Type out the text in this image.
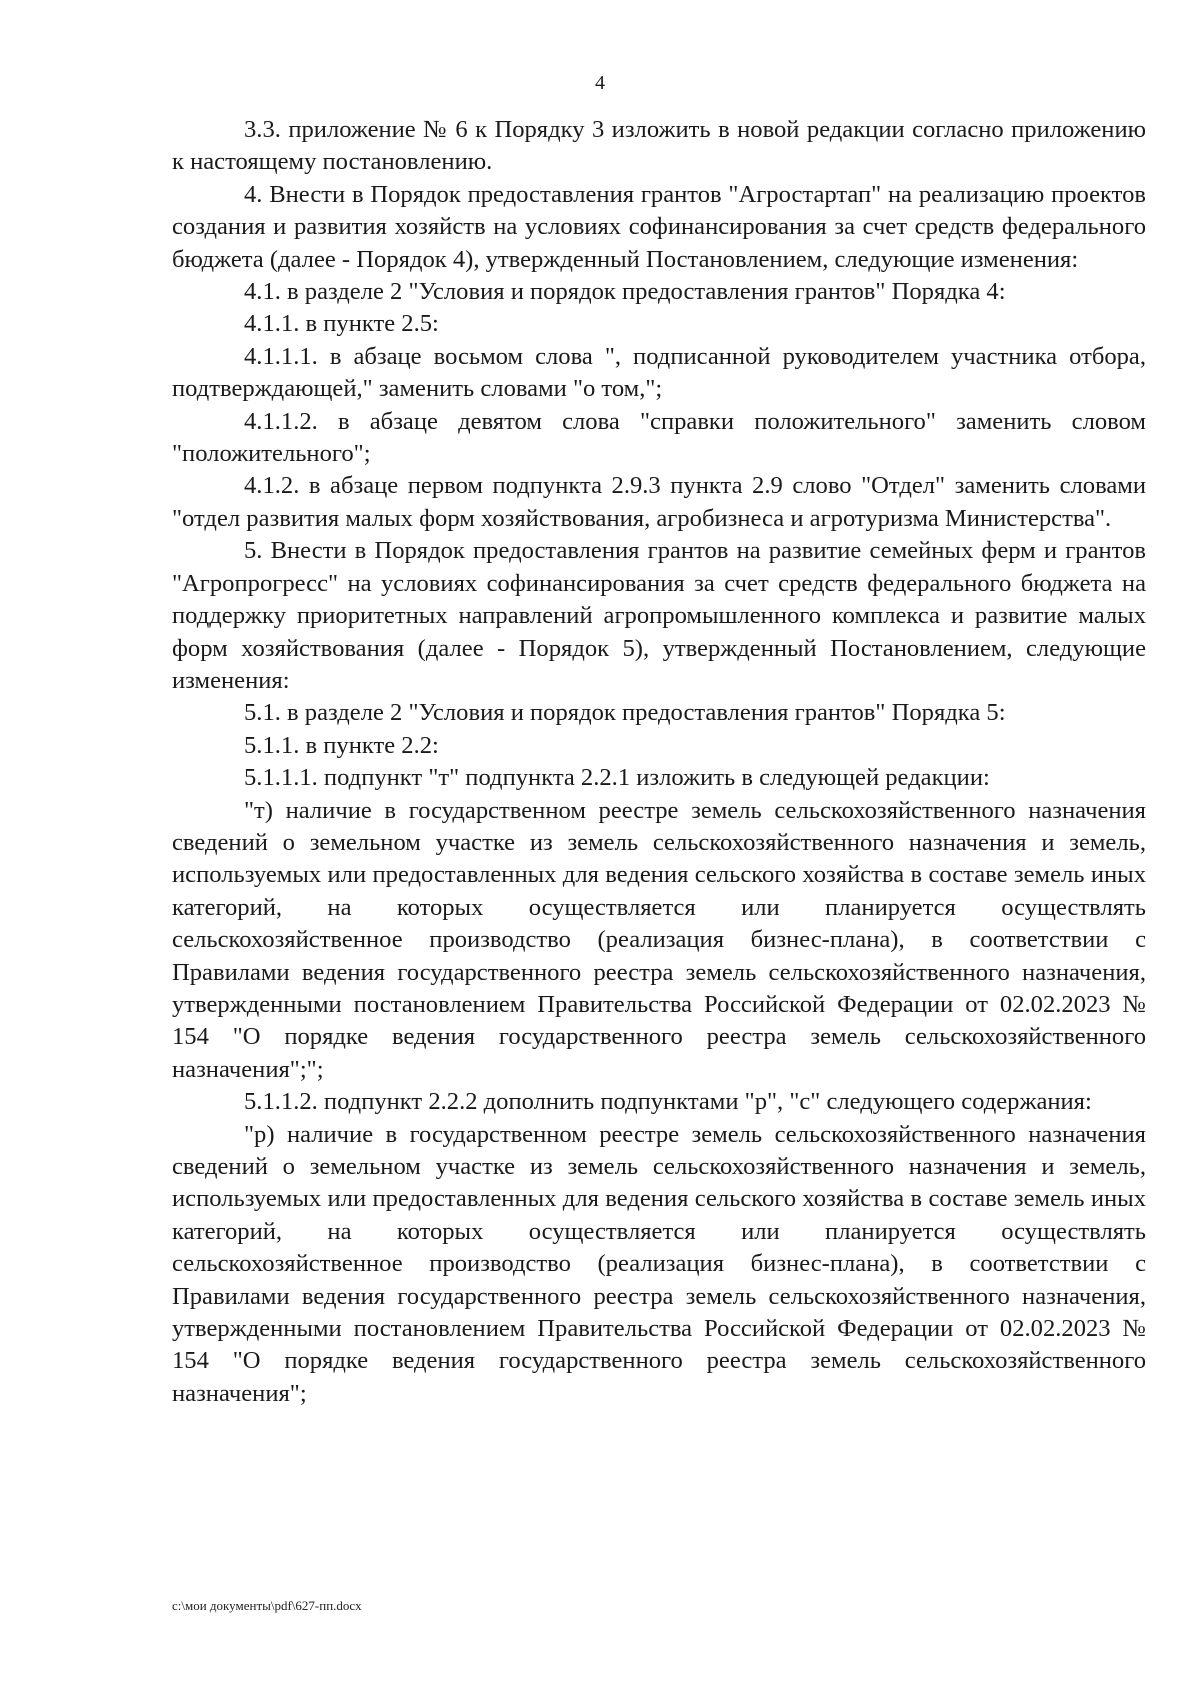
4

3.3. приложение № 6 к Порядку 3 изложить в новой редакции согласно приложению к настоящему постановлению.

4. Внести в Порядок предоставления грантов "Агростартап" на реализацию проектов создания и развития хозяйств на условиях софинансирования за счет средств федерального бюджета (далее - Порядок 4), утвержденный Постановлением, следующие изменения:

4.1. в разделе 2 "Условия и порядок предоставления грантов" Порядка 4:

4.1.1. в пункте 2.5:

4.1.1.1. в абзаце восьмом слова ", подписанной руководителем участника отбора, подтверждающей," заменить словами "о том,";

4.1.1.2. в абзаце девятом слова "справки положительного" заменить словом "положительного";

4.1.2. в абзаце первом подпункта 2.9.3 пункта 2.9 слово "Отдел" заменить словами "отдел развития малых форм хозяйствования, агробизнеса и агротуризма Министерства".

5. Внести в Порядок предоставления грантов на развитие семейных ферм и грантов "Агропрогресс" на условиях софинансирования за счет средств федерального бюджета на поддержку приоритетных направлений агропромышленного комплекса и развитие малых форм хозяйствования (далее - Порядок 5), утвержденный Постановлением, следующие изменения:

5.1. в разделе 2 "Условия и порядок предоставления грантов" Порядка 5:

5.1.1. в пункте 2.2:

5.1.1.1. подпункт "т" подпункта 2.2.1 изложить в следующей редакции:

"т) наличие в государственном реестре земель сельскохозяйственного назначения сведений о земельном участке из земель сельскохозяйственного назначения и земель, используемых или предоставленных для ведения сельского хозяйства в составе земель иных категорий, на которых осуществляется или планируется осуществлять сельскохозяйственное производство (реализация бизнес-плана), в соответствии с Правилами ведения государственного реестра земель сельскохозяйственного назначения, утвержденными постановлением Правительства Российской Федерации от 02.02.2023 № 154 "О порядке ведения государственного реестра земель сельскохозяйственного назначения";";

5.1.1.2. подпункт 2.2.2 дополнить подпунктами "р", "с" следующего содержания:

"р) наличие в государственном реестре земель сельскохозяйственного назначения сведений о земельном участке из земель сельскохозяйственного назначения и земель, используемых или предоставленных для ведения сельского хозяйства в составе земель иных категорий, на которых осуществляется или планируется осуществлять сельскохозяйственное производство (реализация бизнес-плана), в соответствии с Правилами ведения государственного реестра земель сельскохозяйственного назначения, утвержденными постановлением Правительства Российской Федерации от 02.02.2023 № 154 "О порядке ведения государственного реестра земель сельскохозяйственного назначения";

c:\мои документы\pdf\627-пп.docx
